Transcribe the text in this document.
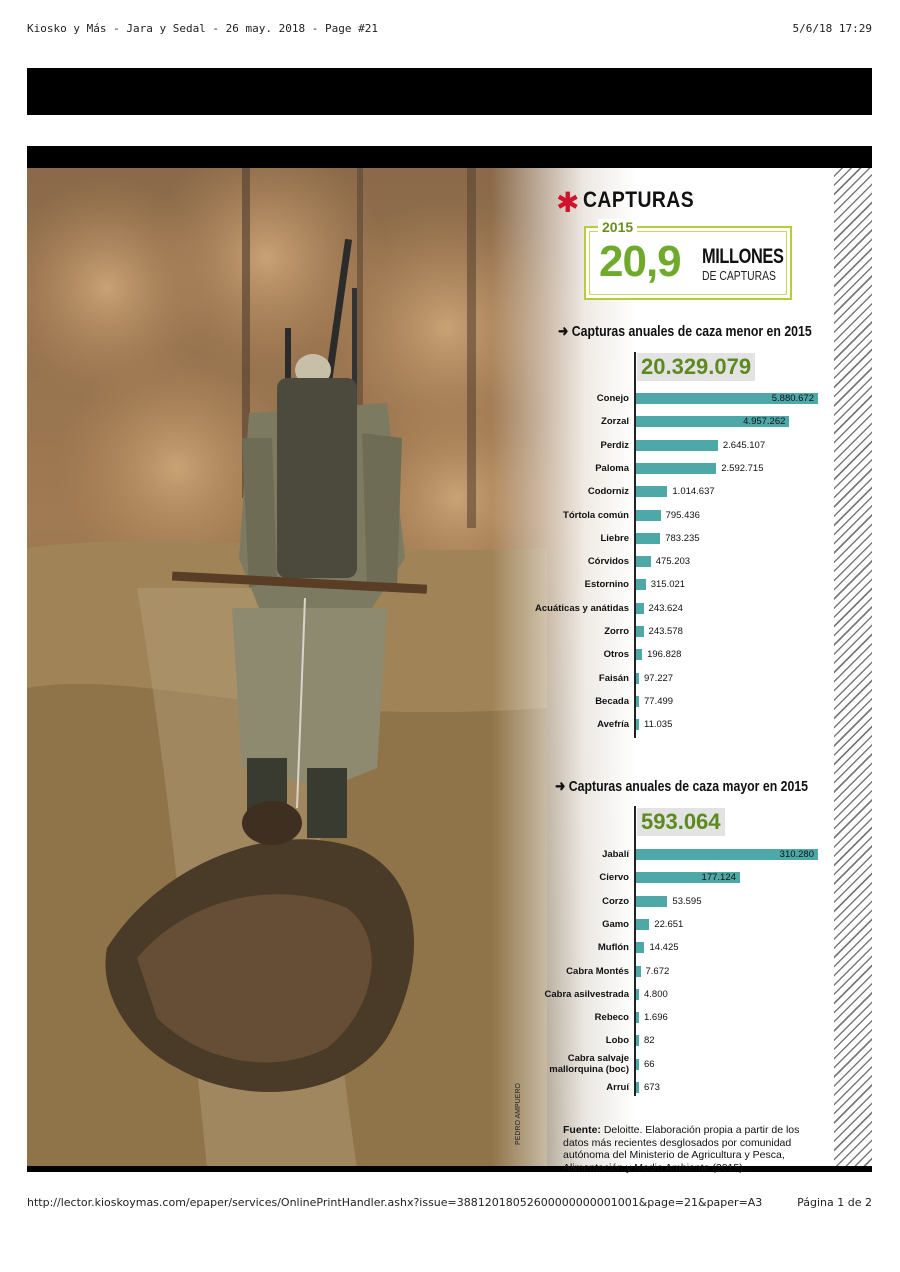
Kiosko y Más - Jara y Sedal - 26 may. 2018 - Page #21	5/6/18 17:29
✱ CAPTURAS
2015
20,9 MILLONES
DE CAPTURAS
➜ Capturas anuales de caza menor en 2015
20.329.079
Conejo	5.880.672
Zorzal	4.957.262
Perdiz	2.645.107
Paloma	2.592.715
Codorniz	1.014.637
Tórtola común	795.436
Liebre	783.235
Córvidos	475.203
Estornino 315.021
Acuáticas y anátidas 243.624
Zorro 243.578
Otros 196.828
Faisán 97.227
Becada 77.499
Avefría 11.035
➜ Capturas anuales de caza mayor en 2015
593.064
Jabalí	310.280
Ciervo	177.124
Corzo	53.595
Gamo	22.651
Muflón 14.425
Cabra Montés 7.672
Cabra asilvestrada 4.800
Rebeco 1.696
Lobo 82
Cabra salvaje mallorquina (boc) 66
Arruí 673
Fuente: Deloitte. Elaboración propia a partir de los datos más recientes desglosados por comunidad autónoma del Ministerio de Agricultura y Pesca, Alimentación y Medio Ambiente (2015).
PEDRO AMPUERO
http://lector.kioskoymas.com/epaper/services/OnlinePrintHandler.ashx?issue=38812018052600000000001001&page=21&paper=A3	Página 1 de 2
